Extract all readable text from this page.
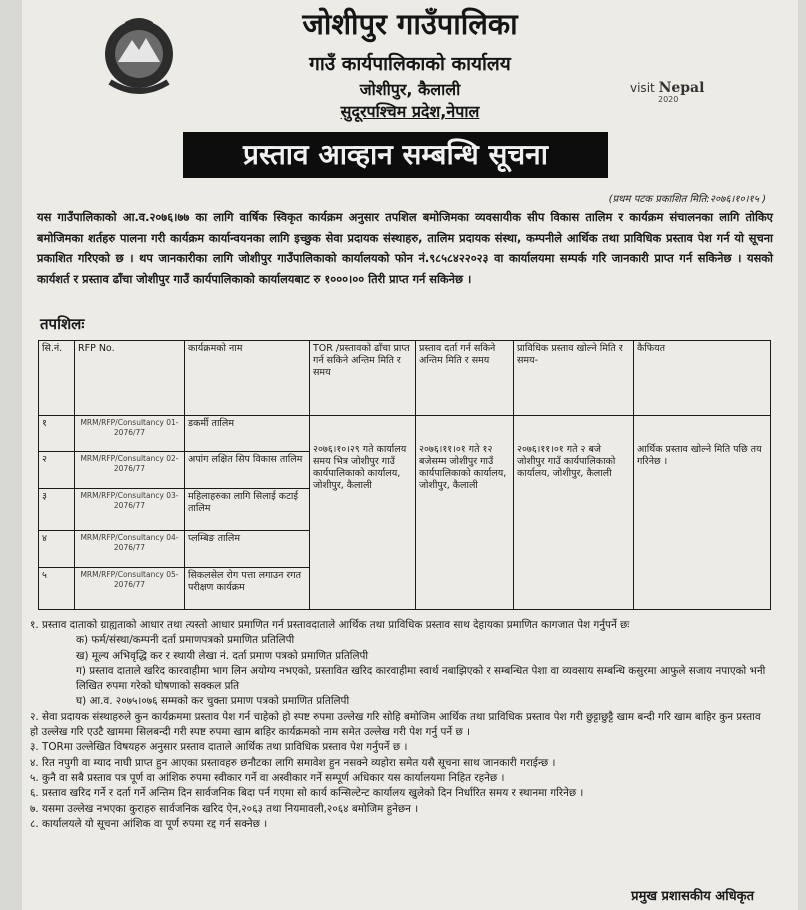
जोशीपुर गाउँपालिका
गाउँ कार्यपालिकाको कार्यालय
जोशीपुर, कैलाली
सुदूरपश्चिम प्रदेश,नेपाल
visit Nepal
2020
प्रस्ताव आव्हान सम्बन्धि सूचना
(प्रथम पटक प्रकाशित मिति:२०७६।१०।१५ )
यस गाउँपालिकाको आ.व.२०७६।७७ का लागि वार्षिक स्विकृत कार्यक्रम अनुसार तपशिल बमोजिमका व्यवसायीक सीप विकास तालिम र कार्यक्रम संचालनका लागि तोकिए बमोजिमका शर्तहरु पालना गरी कार्यक्रम कार्यान्वयनका लागि इच्छुक सेवा प्रदायक संस्थाहरु, तालिम प्रदायक संस्था, कम्पनीले आर्थिक तथा प्राविधिक प्रस्ताव पेश गर्न यो सूचना प्रकाशित गरिएको छ । थप जानकारीका लागि जोशीपुर गाउँपालिकाको कार्यालयको फोन नं.९८५८४२२०२३ वा कार्यालयमा सम्पर्क गरि जानकारी प्राप्त गर्न सकिनेछ । यसको कार्यशर्त र प्रस्ताव ढाँचा जोशीपुर गाउँ कार्यपालिकाको कार्यालयबाट रु १०००।०० तिरी प्राप्त गर्न सकिनेछ ।
तपशिलः
सि.नं.	RFP No.	कार्यक्रमको नाम	TOR /प्रस्तावको ढाँचा प्राप्त गर्न सकिने अन्तिम मिति र समय	प्रस्ताव दर्ता गर्न सकिने अन्तिम मिति र समय	प्राविधिक प्रस्ताव खोल्ने मिति र समय-	कैफियत
१	MRM/RFP/Consultancy 01-2076/77	डकर्मी तालिम	२०७६।१०।२९ गते कार्यालय समय भित्र जोशीपुर गाउँ कार्यपालिकाको कार्यालय, जोशीपुर, कैलाली	२०७६।११।०१ गते १२ बजेसम्म जोशीपुर गाउँ कार्यपालिकाको कार्यालय, जोशीपुर, कैलाली	२०७६।११।०१ गते २ बजे जोशीपुर गाउँ कार्यपालिकाको कार्यालय, जोशीपुर, कैलाली	आर्थिक प्रस्ताव खोल्ने मिति पछि तय गरिनेछ ।
२	MRM/RFP/Consultancy 02-2076/77	अपांग लक्षित सिप विकास तालिम				
३	MRM/RFP/Consultancy 03-2076/77	महिलाहरुका लागि सिलाई कटाई तालिम				
४	MRM/RFP/Consultancy 04-2076/77	प्लम्बिङ तालिम				
५	MRM/RFP/Consultancy 05-2076/77	सिकलसेल रोग पत्ता लगाउन रगत परीक्षण कार्यक्रम				

१. प्रस्ताव दाताको ग्राह्यताको आधार तथा त्यस्तो आधार प्रमाणित गर्न प्रस्तावदाताले आर्थिक तथा प्राविधिक प्रस्ताव साथ देहायका प्रमाणित कागजात पेश गर्नुपर्ने छः

क) फर्म/संस्था/कम्पनी दर्ता प्रमाणपत्रको प्रमाणित प्रतिलिपी

ख) मूल्य अभिवृद्धि कर र स्थायी लेखा नं. दर्ता प्रमाण पत्रको प्रमाणित प्रतिलिपी

ग) प्रस्ताव दाताले खरिद कारवाहीमा भाग लिन अयोग्य नभएको, प्रस्तावित खरिद कारवाहीमा स्वार्थ नबाझिएको र सम्बन्धित पेशा वा व्यवसाय सम्बन्धि कसुरमा आफुले सजाय नपाएको भनी लिखित रुपमा गरेको घोषणाको सक्कल प्रति

घ) आ.व. २०७५।०७६ सम्मको कर चुक्ता प्रमाण पत्रको प्रमाणित प्रतिलिपी

२. सेवा प्रदायक संस्थाहरुले कुन कार्यक्रममा प्रस्ताव पेश गर्न चाहेको हो स्पष्ट रुपमा उल्लेख गरि सोहि बमोजिम आर्थिक तथा प्राविधिक प्रस्ताव पेश गरी छुट्टाछुट्टै खाम बन्दी गरि खाम बाहिर कुन प्रस्ताव हो उल्लेख गरि एउटै खाममा सिलबन्दी गरी स्पष्ट रुपमा खाम बाहिर कार्यक्रमको नाम समेत उल्लेख गरी पेश गर्नु पर्ने छ ।

३. TORमा उल्लेखित विषयहरु अनुसार प्रस्ताव दाताले आर्थिक तथा प्राविधिक प्रस्ताव पेश गर्नुपर्ने छ ।

४. रित नपुगी वा म्याद नाघी प्राप्त हुन आएका प्रस्तावहरु छनौटका लागि समावेश हुन नसक्ने व्यहोरा समेत यसै सूचना साथ जानकारी गराईन्छ ।

५. कुनै वा सबै प्रस्ताव पत्र पूर्ण वा आंशिक रुपमा स्वीकार गर्ने वा अस्वीकार गर्ने सम्पूर्ण अधिकार यस कार्यालयमा निहित रहनेछ ।

६. प्रस्ताव खरिद गर्ने र दर्ता गर्ने अन्तिम दिन सार्वजनिक बिदा पर्न गएमा सो कार्य कन्सिल्टेन्ट कार्यालय खुलेको दिन निर्धारित समय र स्थानमा गरिनेछ ।

७. यसमा उल्लेख नभएका कुराहरु सार्वजनिक खरिद ऐन,२०६३ तथा नियमावली,२०६४ बमोजिम हुनेछन ।

८. कार्यालयले यो सूचना आंशिक वा पूर्ण रुपमा रद्द गर्न सक्नेछ ।

प्रमुख प्रशासकीय अधिकृत
